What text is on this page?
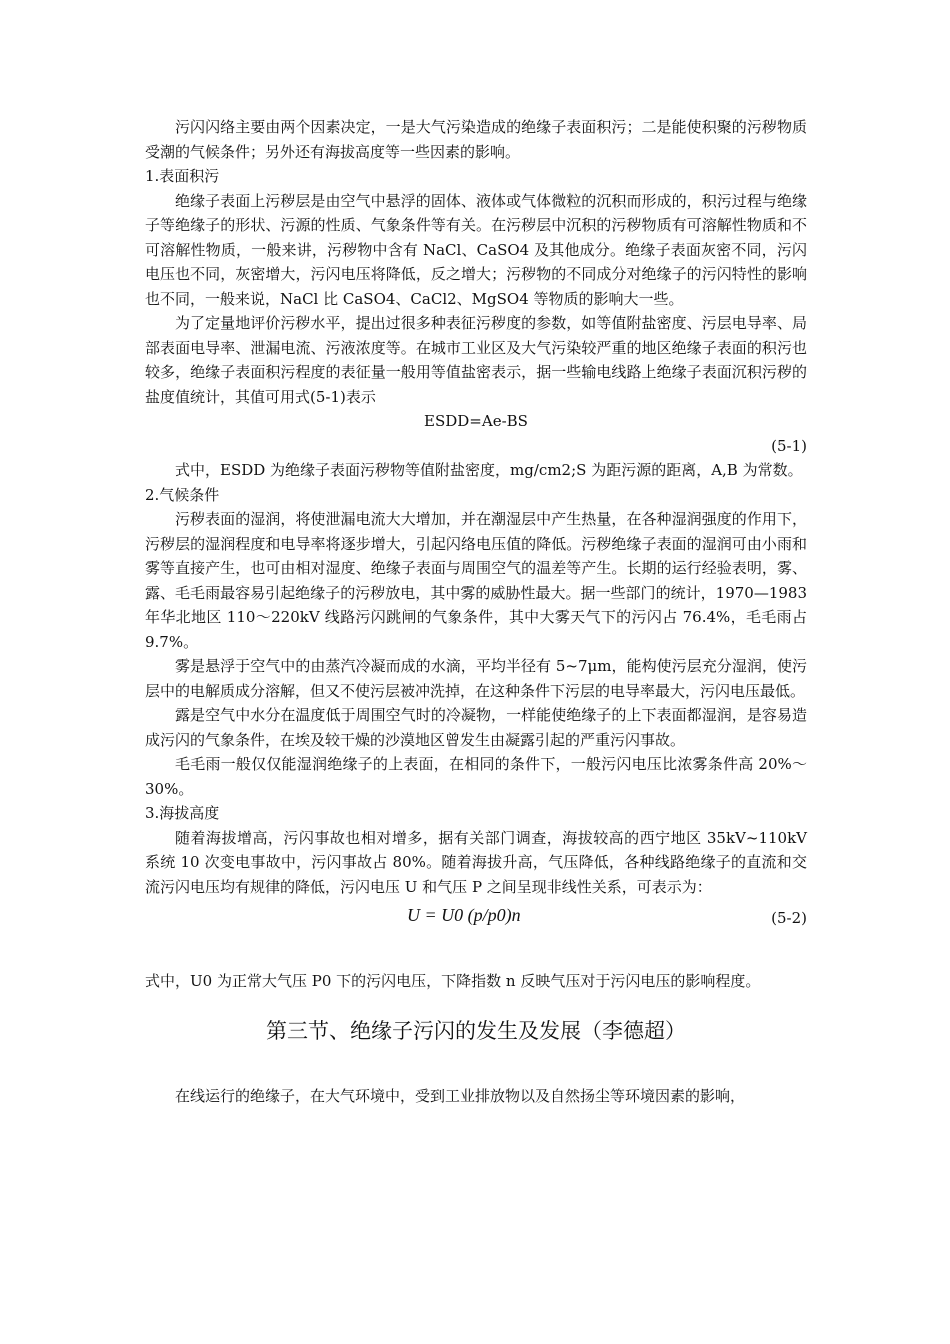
污闪闪络主要由两个因素决定，一是大气污染造成的绝缘子表面积污；二是能使积聚的污秽物质受潮的气候条件；另外还有海拔高度等一些因素的影响。

1.表面积污

绝缘子表面上污秽层是由空气中悬浮的固体、液体或气体微粒的沉积而形成的，积污过程与绝缘子等绝缘子的形状、污源的性质、气象条件等有关。在污秽层中沉积的污秽物质有可溶解性物质和不可溶解性物质，一般来讲，污秽物中含有 NaCl、CaSO4 及其他成分。绝缘子表面灰密不同，污闪电压也不同，灰密增大，污闪电压将降低，反之增大；污秽物的不同成分对绝缘子的污闪特性的影响也不同，一般来说，NaCl 比 CaSO4、CaCl2、MgSO4 等物质的影响大一些。

为了定量地评价污秽水平，提出过很多种表征污秽度的参数，如等值附盐密度、污层电导率、局部表面电导率、泄漏电流、污液浓度等。在城市工业区及大气污染较严重的地区绝缘子表面的积污也较多，绝缘子表面积污程度的表征量一般用等值盐密表示，据一些输电线路上绝缘子表面沉积污秽的盐度值统计，其值可用式(5-1)表示

ESDD=Ae-BS

(5-1)

式中，ESDD 为绝缘子表面污秽物等值附盐密度，mg/cm2;S 为距污源的距离，A,B 为常数。

2.气候条件

污秽表面的湿润，将使泄漏电流大大增加，并在潮湿层中产生热量，在各种湿润强度的作用下，污秽层的湿润程度和电导率将逐步增大，引起闪络电压值的降低。污秽绝缘子表面的湿润可由小雨和雾等直接产生，也可由相对湿度、绝缘子表面与周围空气的温差等产生。长期的运行经验表明，雾、露、毛毛雨最容易引起绝缘子的污秽放电，其中雾的威胁性最大。据一些部门的统计，1970—1983 年华北地区 110～220kV 线路污闪跳闸的气象条件，其中大雾天气下的污闪占 76.4%，毛毛雨占 9.7%。

雾是悬浮于空气中的由蒸汽冷凝而成的水滴，平均半径有 5~7μm，能构使污层充分湿润，使污层中的电解质成分溶解，但又不使污层被冲洗掉，在这种条件下污层的电导率最大，污闪电压最低。

露是空气中水分在温度低于周围空气时的冷凝物，一样能使绝缘子的上下表面都湿润，是容易造成污闪的气象条件，在埃及较干燥的沙漠地区曾发生由凝露引起的严重污闪事故。

毛毛雨一般仅仅能湿润绝缘子的上表面，在相同的条件下，一般污闪电压比浓雾条件高 20%～30%。

3.海拔高度

随着海拔增高，污闪事故也相对增多，据有关部门调查，海拔较高的西宁地区 35kV~110kV 系统 10 次变电事故中，污闪事故占 80%。随着海拔升高，气压降低，各种线路绝缘子的直流和交流污闪电压均有规律的降低，污闪电压 U 和气压 P 之间呈现非线性关系，可表示为：

U = U0 (p/p0)n	(5-2)

式中，U0 为正常大气压 P0 下的污闪电压，下降指数 n 反映气压对于污闪电压的影响程度。

第三节、绝缘子污闪的发生及发展（李德超）

在线运行的绝缘子，在大气环境中，受到工业排放物以及自然扬尘等环境因素的影响，
